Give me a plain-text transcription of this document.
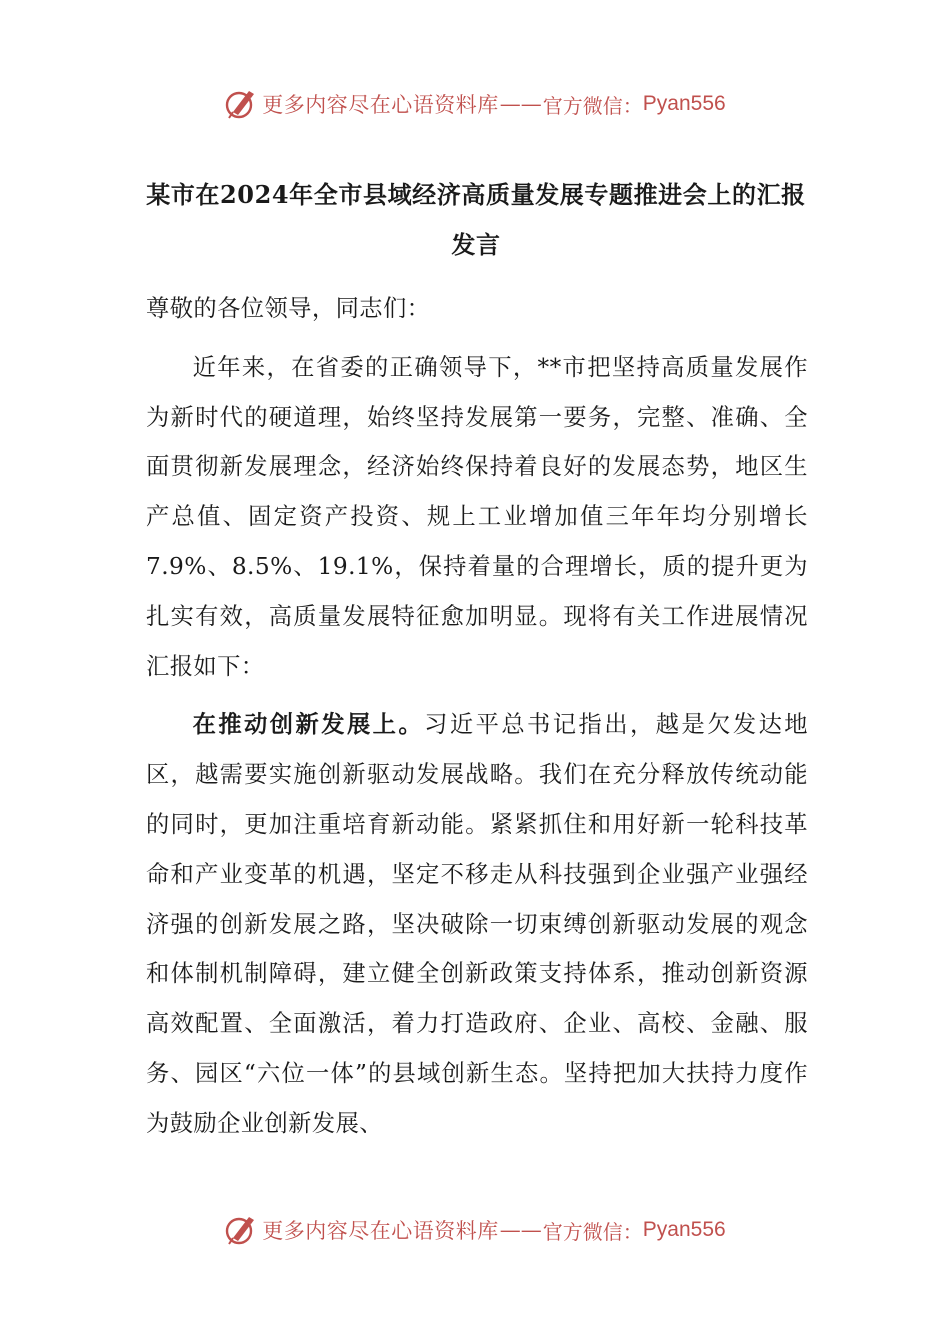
更多内容尽在心语资料库 —— 官方微信： Pyan556
某市在2024年全市县域经济高质量发展专题推进会上的汇报发言

尊敬的各位领导，同志们：

近年来，在省委的正确领导下，**市把坚持高质量发展作为新时代的硬道理，始终坚持发展第一要务，完整、准确、全面贯彻新发展理念，经济始终保持着良好的发展态势，地区生产总值、固定资产投资、规上工业增加值三年年均分别增长7.9%、8.5%、19.1%，保持着量的合理增长，质的提升更为扎实有效，高质量发展特征愈加明显。现将有关工作进展情况汇报如下：

在推动创新发展上。习近平总书记指出，越是欠发达地区，越需要实施创新驱动发展战略。我们在充分释放传统动能的同时，更加注重培育新动能。紧紧抓住和用好新一轮科技革命和产业变革的机遇，坚定不移走从科技强到企业强产业强经济强的创新发展之路，坚决破除一切束缚创新驱动发展的观念和体制机制障碍，建立健全创新政策支持体系，推动创新资源高效配置、全面激活，着力打造政府、企业、高校、金融、服务、园区“六位一体”的县域创新生态。坚持把加大扶持力度作为鼓励企业创新发展、

更多内容尽在心语资料库 —— 官方微信： Pyan556
